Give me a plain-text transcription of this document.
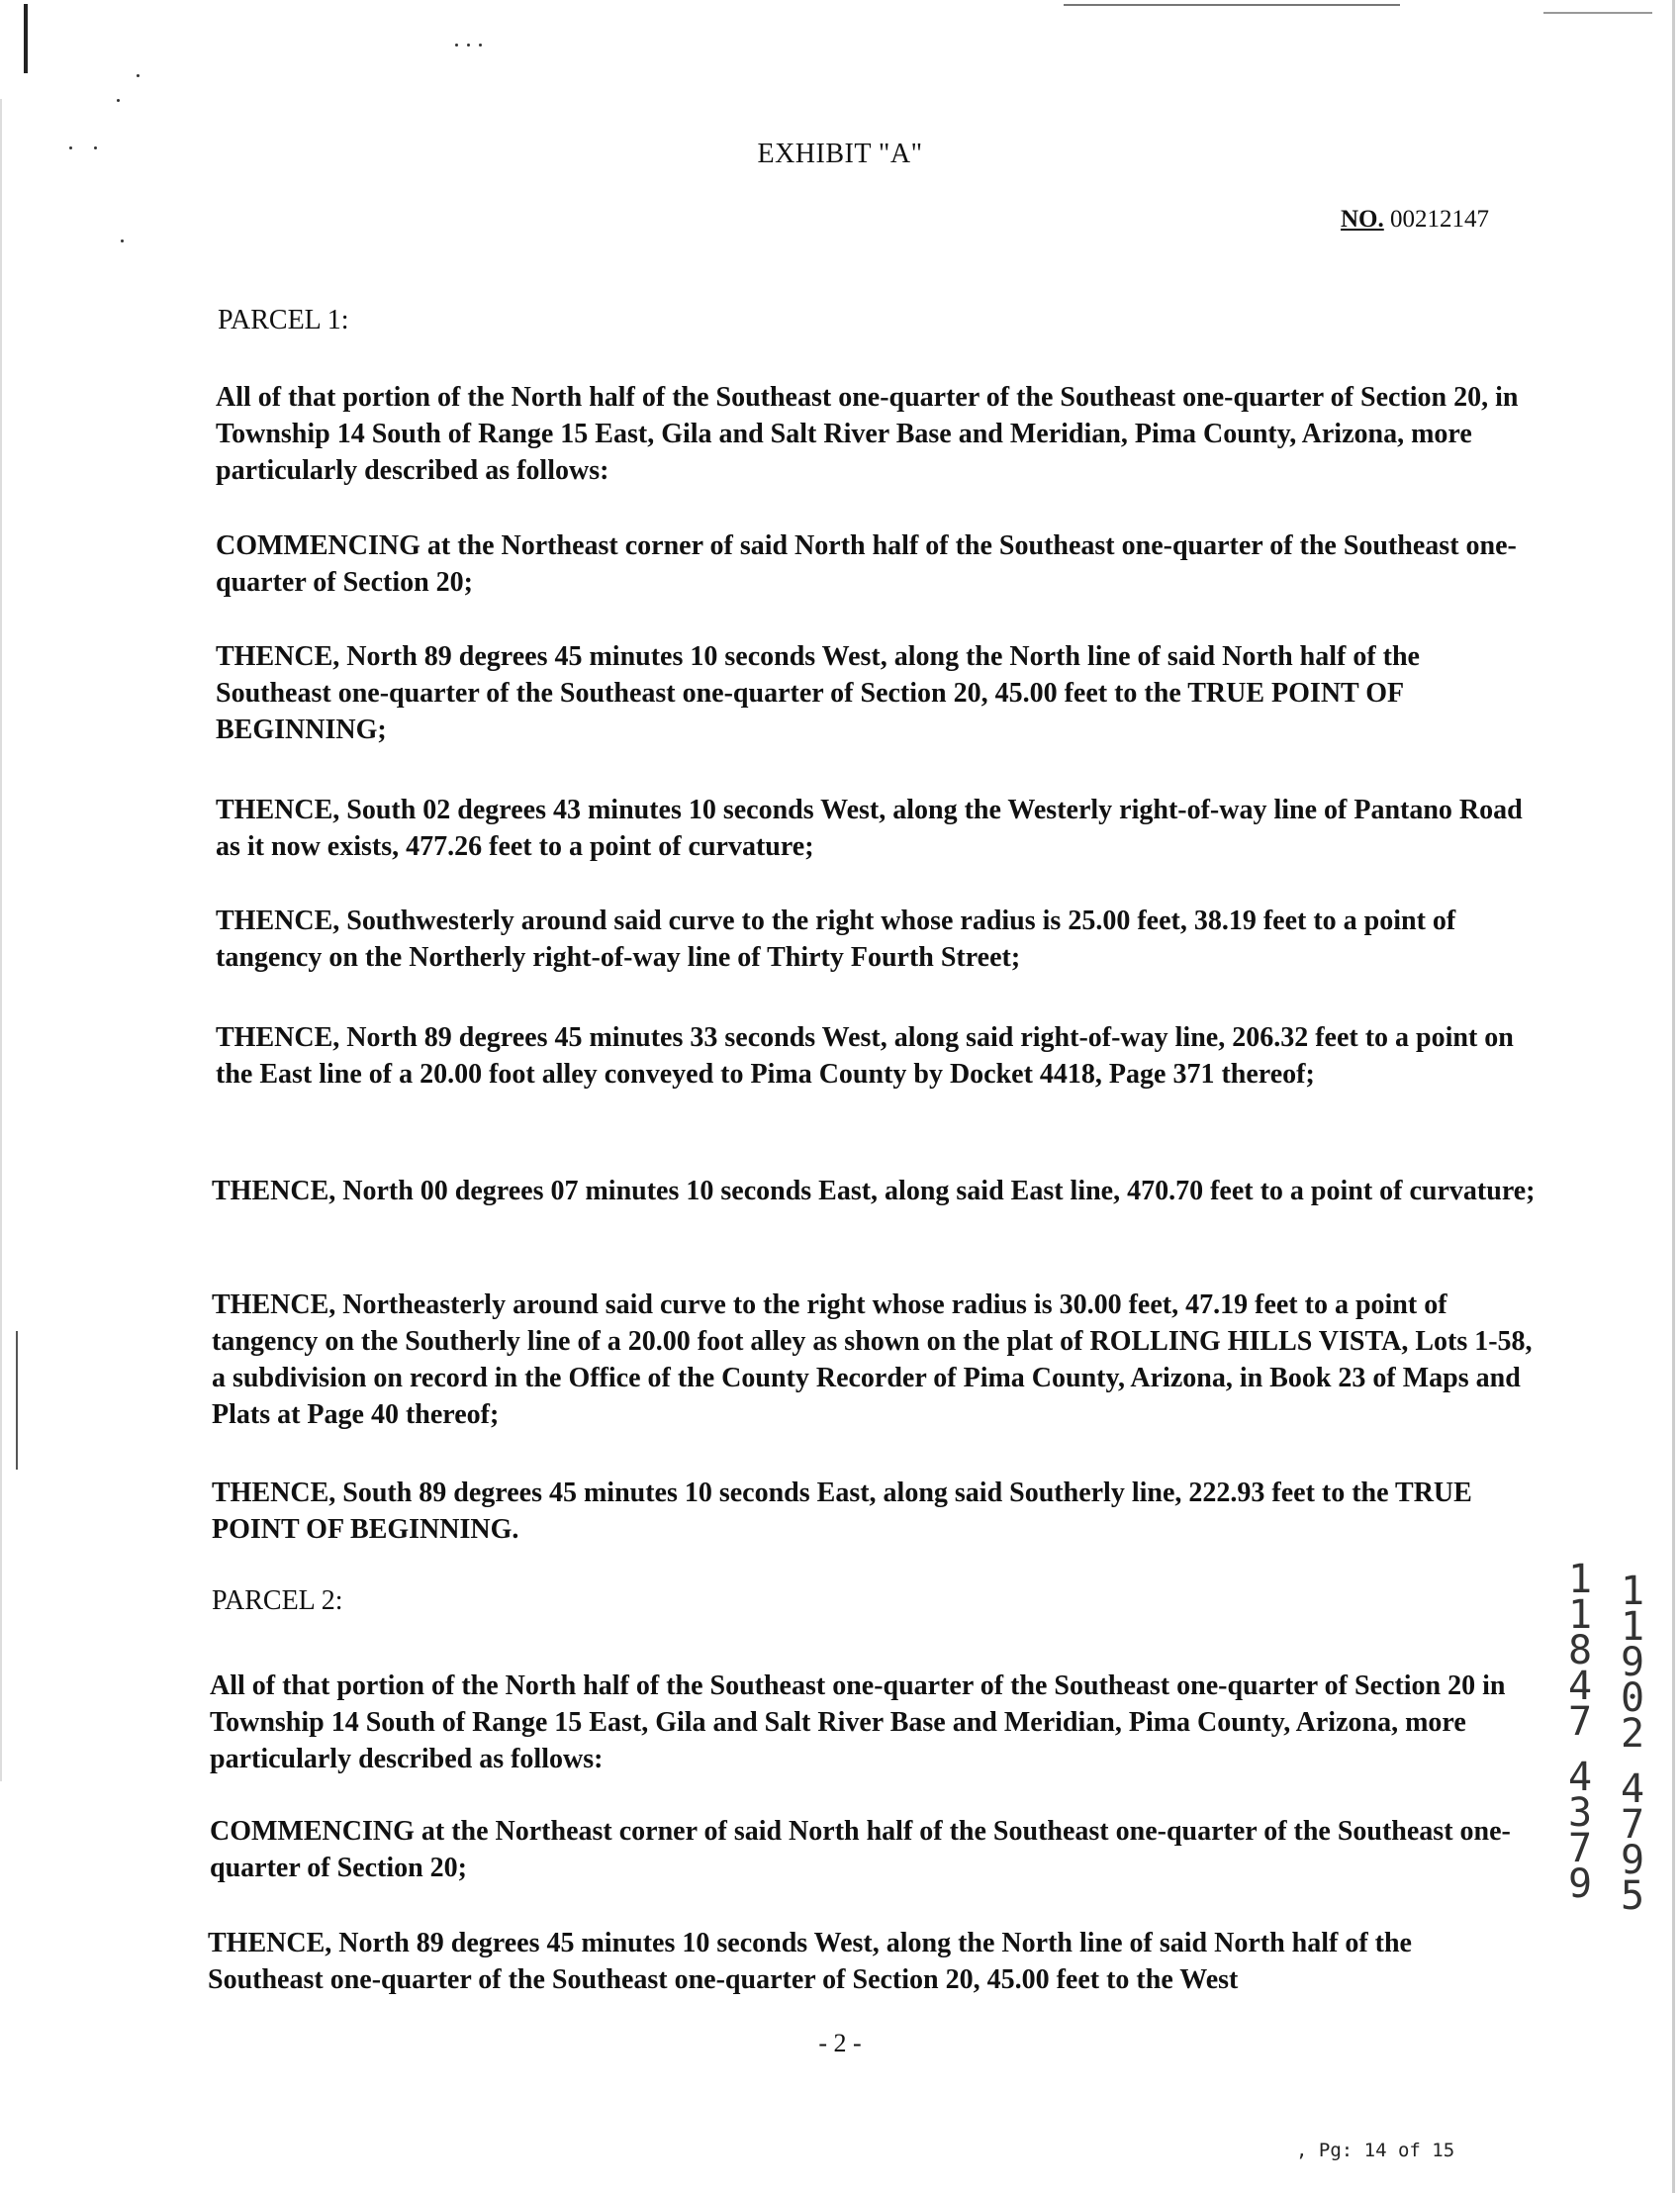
EXHIBIT "A"
NO. 00212147
PARCEL 1:
All of that portion of the North half of the Southeast one-quarter of the Southeast one-quarter of Section 20, in Township 14 South of Range 15 East, Gila and Salt River Base and Meridian, Pima County, Arizona, more particularly described as follows:
COMMENCING at the Northeast corner of said North half of the Southeast one-quarter of the Southeast one-quarter of Section 20;
THENCE, North 89 degrees 45 minutes 10 seconds West, along the North line of said North half of the Southeast one-quarter of the Southeast one-quarter of Section 20, 45.00 feet to the TRUE POINT OF BEGINNING;
THENCE, South 02 degrees 43 minutes 10 seconds West, along the Westerly right-of-way line of Pantano Road as it now exists, 477.26 feet to a point of curvature;
THENCE, Southwesterly around said curve to the right whose radius is 25.00 feet, 38.19 feet to a point of tangency on the Northerly right-of-way line of Thirty Fourth Street;
THENCE, North 89 degrees 45 minutes 33 seconds West, along said right-of-way line, 206.32 feet to a point on the East line of a 20.00 foot alley conveyed to Pima County by Docket 4418, Page 371 thereof;
THENCE, North 00 degrees 07 minutes 10 seconds East, along said East line, 470.70 feet to a point of curvature;
THENCE, Northeasterly around said curve to the right whose radius is 30.00 feet, 47.19 feet to a point of tangency on the Southerly line of a 20.00 foot alley as shown on the plat of ROLLING HILLS VISTA, Lots 1-58, a subdivision on record in the Office of the County Recorder of Pima County, Arizona, in Book 23 of Maps and Plats at Page 40 thereof;
THENCE, South 89 degrees 45 minutes 10 seconds East, along said Southerly line, 222.93 feet to the TRUE POINT OF BEGINNING.
PARCEL 2:
All of that portion of the North half of the Southeast one-quarter of the Southeast one-quarter of Section 20 in Township 14 South of Range 15 East, Gila and Salt River Base and Meridian, Pima County, Arizona, more particularly described as follows:
COMMENCING at the Northeast corner of said North half of the Southeast one-quarter of the Southeast one-quarter of Section 20;
THENCE, North 89 degrees 45 minutes 10 seconds West, along the North line of said North half of the Southeast one-quarter of the Southeast one-quarter of Section 20, 45.00 feet to the West
1
1
8
4
7
4
3
7
9
1
1
9
0
2
4
7
9
5
- 2 -
, Pg: 14 of 15
